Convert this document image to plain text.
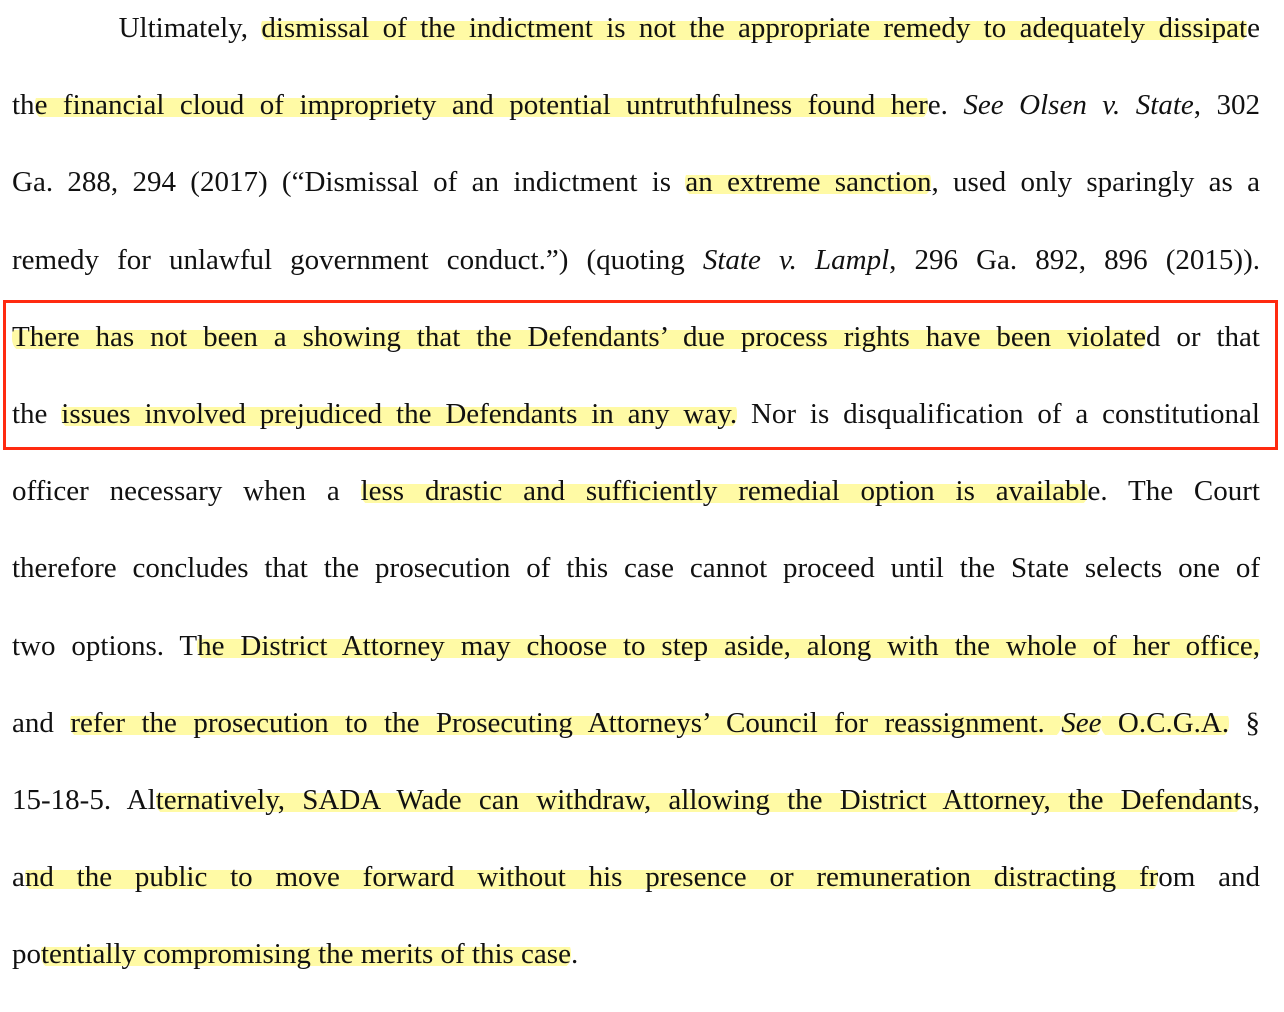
Ultimately, dismissal of the indictment is not the appropriate remedy to adequately dissipate
the financial cloud of impropriety and potential untruthfulness found here. See Olsen v. State, 302
Ga. 288, 294 (2017) (“Dismissal of an indictment is an extreme sanction, used only sparingly as a
remedy for unlawful government conduct.”) (quoting State v. Lampl, 296 Ga. 892, 896 (2015)).
There has not been a showing that the Defendants’ due process rights have been violated or that
the issues involved prejudiced the Defendants in any way. Nor is disqualification of a constitutional
officer necessary when a less drastic and sufficiently remedial option is available. The Court
therefore concludes that the prosecution of this case cannot proceed until the State selects one of
two options. The District Attorney may choose to step aside, along with the whole of her office,
and refer the prosecution to the Prosecuting Attorneys’ Council for reassignment. See O.C.G.A. §
15-18-5. Alternatively, SADA Wade can withdraw, allowing the District Attorney, the Defendants,
and the public to move forward without his presence or remuneration distracting from and
potentially compromising the merits of this case.
